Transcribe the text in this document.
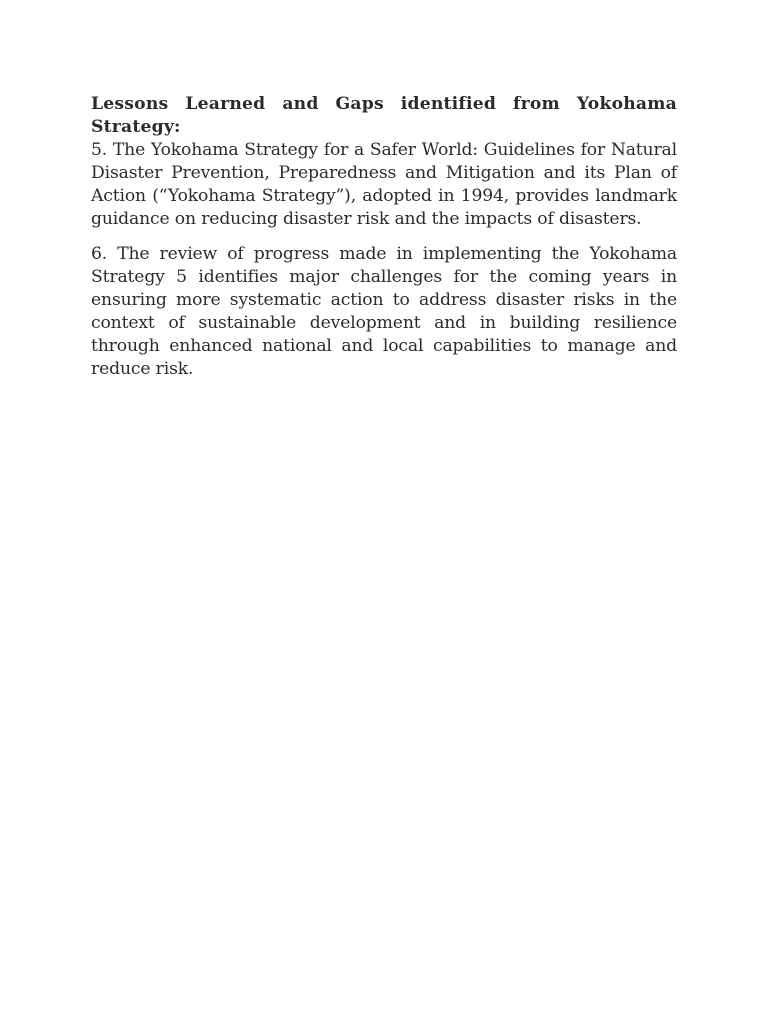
Lessons Learned and Gaps identified from Yokohama Strategy:

5. The Yokohama Strategy for a Safer World: Guidelines for Natural Disaster Prevention, Preparedness and Mitigation and its Plan of Action (“Yokohama Strategy”), adopted in 1994, provides landmark guidance on reducing disaster risk and the impacts of disasters.

6. The review of progress made in implementing the Yokohama Strategy 5 identifies major challenges for the coming years in ensuring more systematic action to address disaster risks in the context of sustainable development and in building resilience through enhanced national and local capabilities to manage and reduce risk.
